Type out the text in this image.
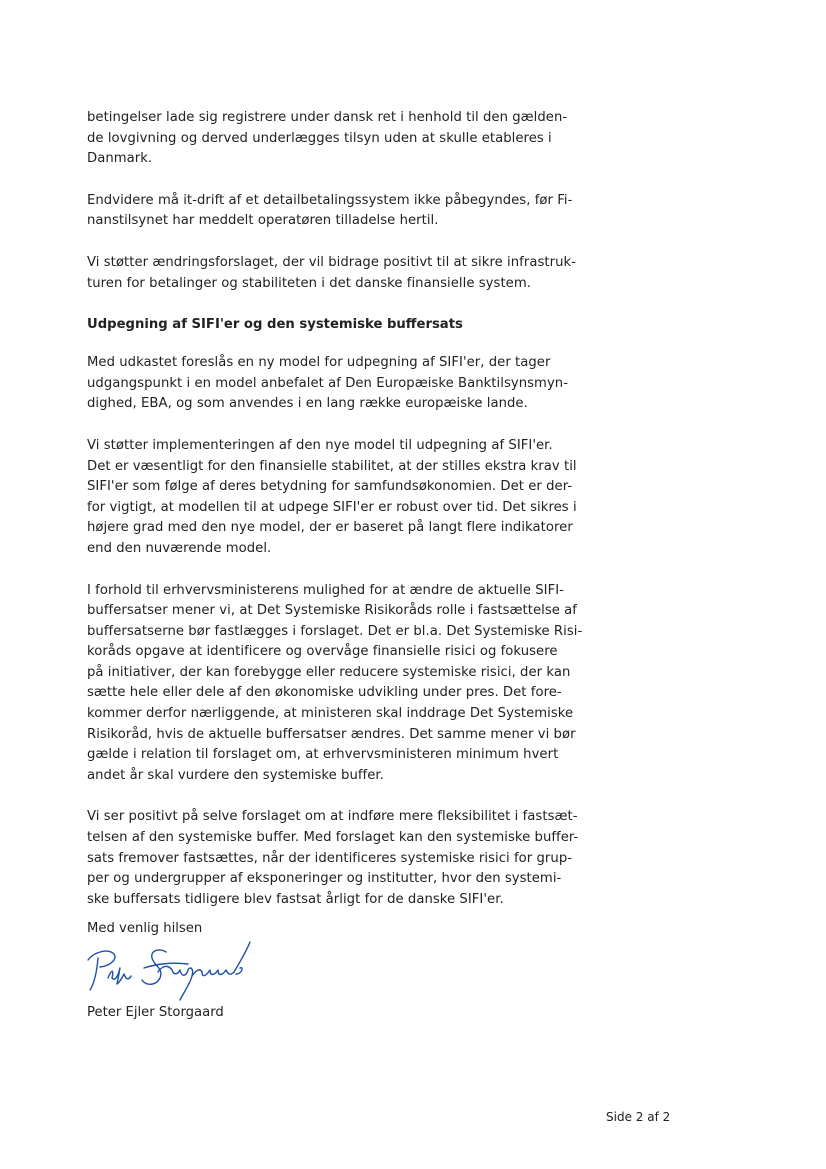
betingelser lade sig registrere under dansk ret i henhold til den gælden-
de lovgivning og derved underlægges tilsyn uden at skulle etableres i
Danmark.

Endvidere må it-drift af et detailbetalingssystem ikke påbegyndes, før Fi-
nanstilsynet har meddelt operatøren tilladelse hertil.

Vi støtter ændringsforslaget, der vil bidrage positivt til at sikre infrastruk-
turen for betalinger og stabiliteten i det danske finansielle system.

Udpegning af SIFI'er og den systemiske buffersats

Med udkastet foreslås en ny model for udpegning af SIFI'er, der tager
udgangspunkt i en model anbefalet af Den Europæiske Banktilsynsmyn-
dighed, EBA, og som anvendes i en lang række europæiske lande.

Vi støtter implementeringen af den nye model til udpegning af SIFI'er.
Det er væsentligt for den finansielle stabilitet, at der stilles ekstra krav til
SIFI'er som følge af deres betydning for samfundsøkonomien. Det er der-
for vigtigt, at modellen til at udpege SIFI'er er robust over tid. Det sikres i
højere grad med den nye model, der er baseret på langt flere indikatorer
end den nuværende model.

I forhold til erhvervsministerens mulighed for at ændre de aktuelle SIFI-
buffersatser mener vi, at Det Systemiske Risikoråds rolle i fastsættelse af
buffersatserne bør fastlægges i forslaget. Det er bl.a. Det Systemiske Risi-
koråds opgave at identificere og overvåge finansielle risici og fokusere
på initiativer, der kan forebygge eller reducere systemiske risici, der kan
sætte hele eller dele af den økonomiske udvikling under pres. Det fore-
kommer derfor nærliggende, at ministeren skal inddrage Det Systemiske
Risikoråd, hvis de aktuelle buffersatser ændres. Det samme mener vi bør
gælde i relation til forslaget om, at erhvervsministeren minimum hvert
andet år skal vurdere den systemiske buffer.

Vi ser positivt på selve forslaget om at indføre mere fleksibilitet i fastsæt-
telsen af den systemiske buffer. Med forslaget kan den systemiske buffer-
sats fremover fastsættes, når der identificeres systemiske risici for grup-
per og undergrupper af eksponeringer og institutter, hvor den systemi-
ske buffersats tidligere blev fastsat årligt for de danske SIFI'er.

Med venlig hilsen

Peter Ejler Storgaard

Side 2 af 2
